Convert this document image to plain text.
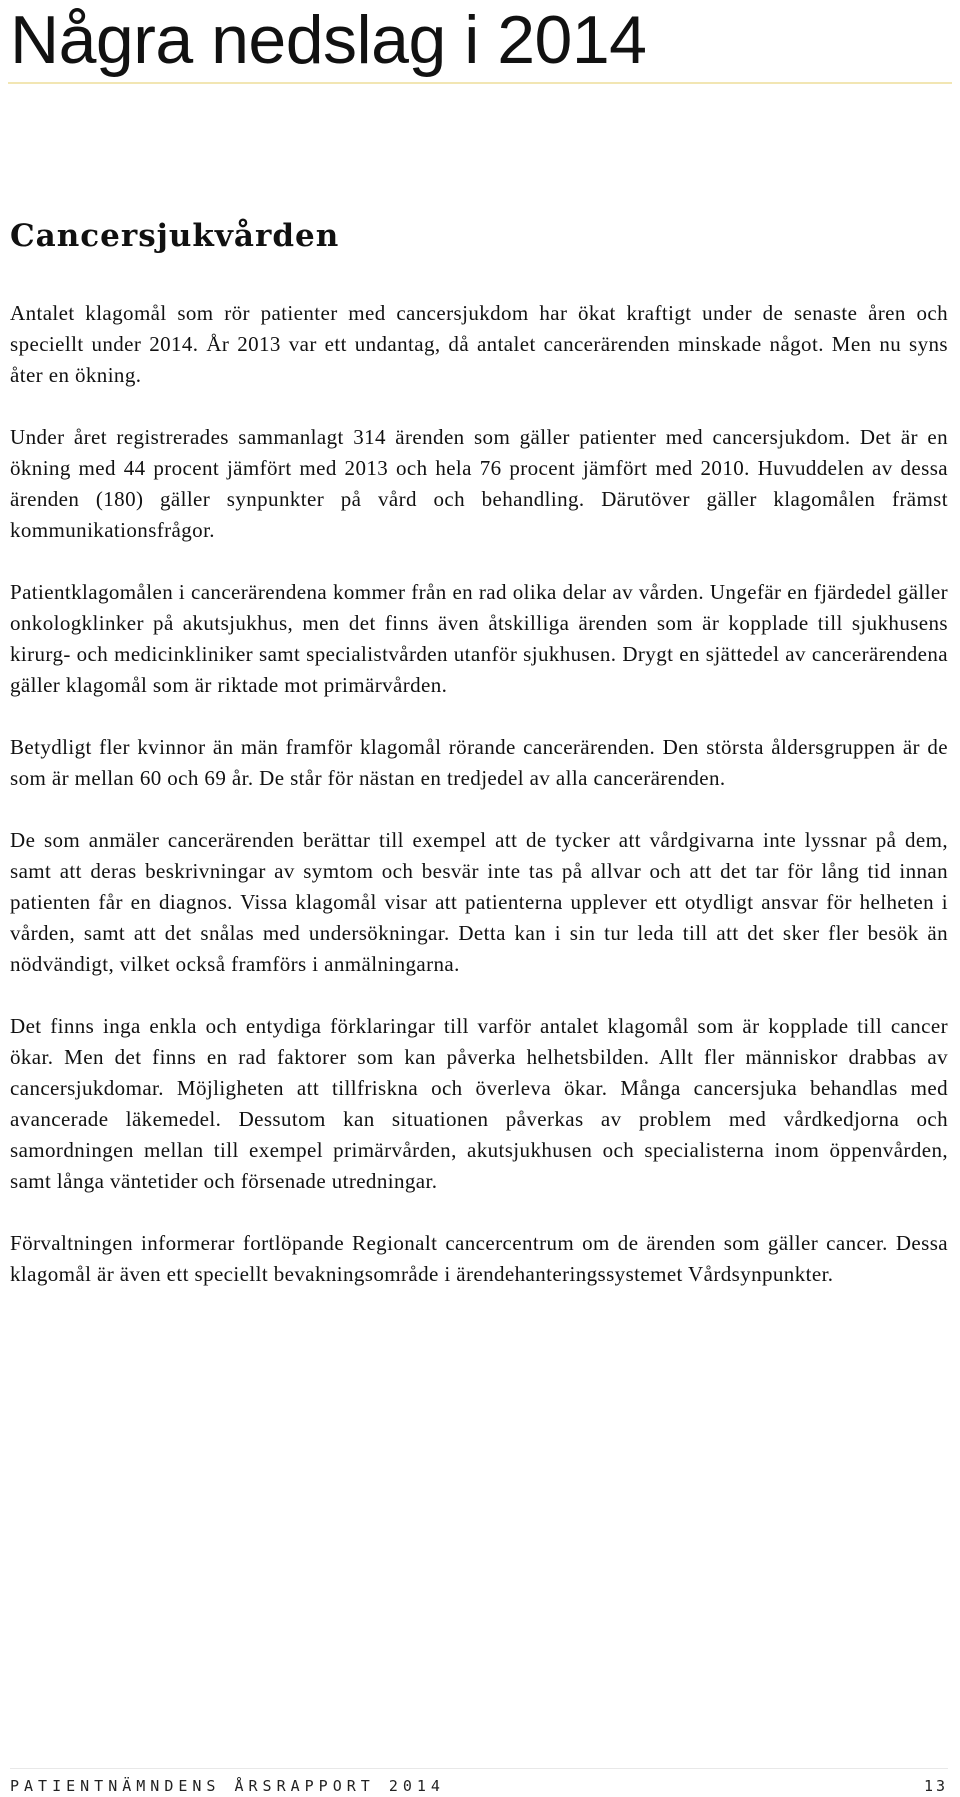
Några nedslag i 2014
Cancersjukvården

Antalet klagomål som rör patienter med cancersjukdom har ökat kraftigt under de senaste åren och speciellt under 2014. År 2013 var ett undantag, då antalet cancerärenden minskade något. Men nu syns åter en ökning.

Under året registrerades sammanlagt 314 ärenden som gäller patienter med cancersjukdom. Det är en ökning med 44 procent jämfört med 2013 och hela 76 procent jämfört med 2010. Huvuddelen av dessa ärenden (180) gäller synpunkter på vård och behandling. Därutöver gäller klagomålen främst kommunikationsfrågor.

Patientklagomålen i cancerärendena kommer från en rad olika delar av vården. Ungefär en fjärdedel gäller onkologklinker på akutsjukhus, men det finns även åtskilliga ärenden som är kopplade till sjukhusens kirurg- och medicinkliniker samt specialistvården utanför sjukhusen. Drygt en sjättedel av cancerärendena gäller klagomål som är riktade mot primärvården.

Betydligt fler kvinnor än män framför klagomål rörande cancerärenden. Den största åldersgruppen är de som är mellan 60 och 69 år. De står för nästan en tredjedel av alla cancerärenden.

De som anmäler cancerärenden berättar till exempel att de tycker att vårdgivarna inte lyssnar på dem, samt att deras beskrivningar av symtom och besvär inte tas på allvar och att det tar för lång tid innan patienten får en diagnos. Vissa klagomål visar att patienterna upplever ett otydligt ansvar för helheten i vården, samt att det snålas med undersökningar. Detta kan i sin tur leda till att det sker fler besök än nödvändigt, vilket också framförs i anmälningarna.

Det finns inga enkla och entydiga förklaringar till varför antalet klagomål som är kopplade till cancer ökar. Men det finns en rad faktorer som kan påverka helhetsbilden. Allt fler människor drabbas av cancersjukdomar. Möjligheten att tillfriskna och överleva ökar. Många cancersjuka behandlas med avancerade läkemedel. Dessutom kan situationen påverkas av problem med vårdkedjorna och samordningen mellan till exempel primärvården, akutsjukhusen och specialisterna inom öppenvården, samt långa väntetider och försenade utredningar.

Förvaltningen informerar fortlöpande Regionalt cancercentrum om de ärenden som gäller cancer. Dessa klagomål är även ett speciellt bevakningsområde i ärendehanteringssystemet Vårdsynpunkter.

PATIENTNÄMNDENS ÅRSRAPPORT 2014	13
